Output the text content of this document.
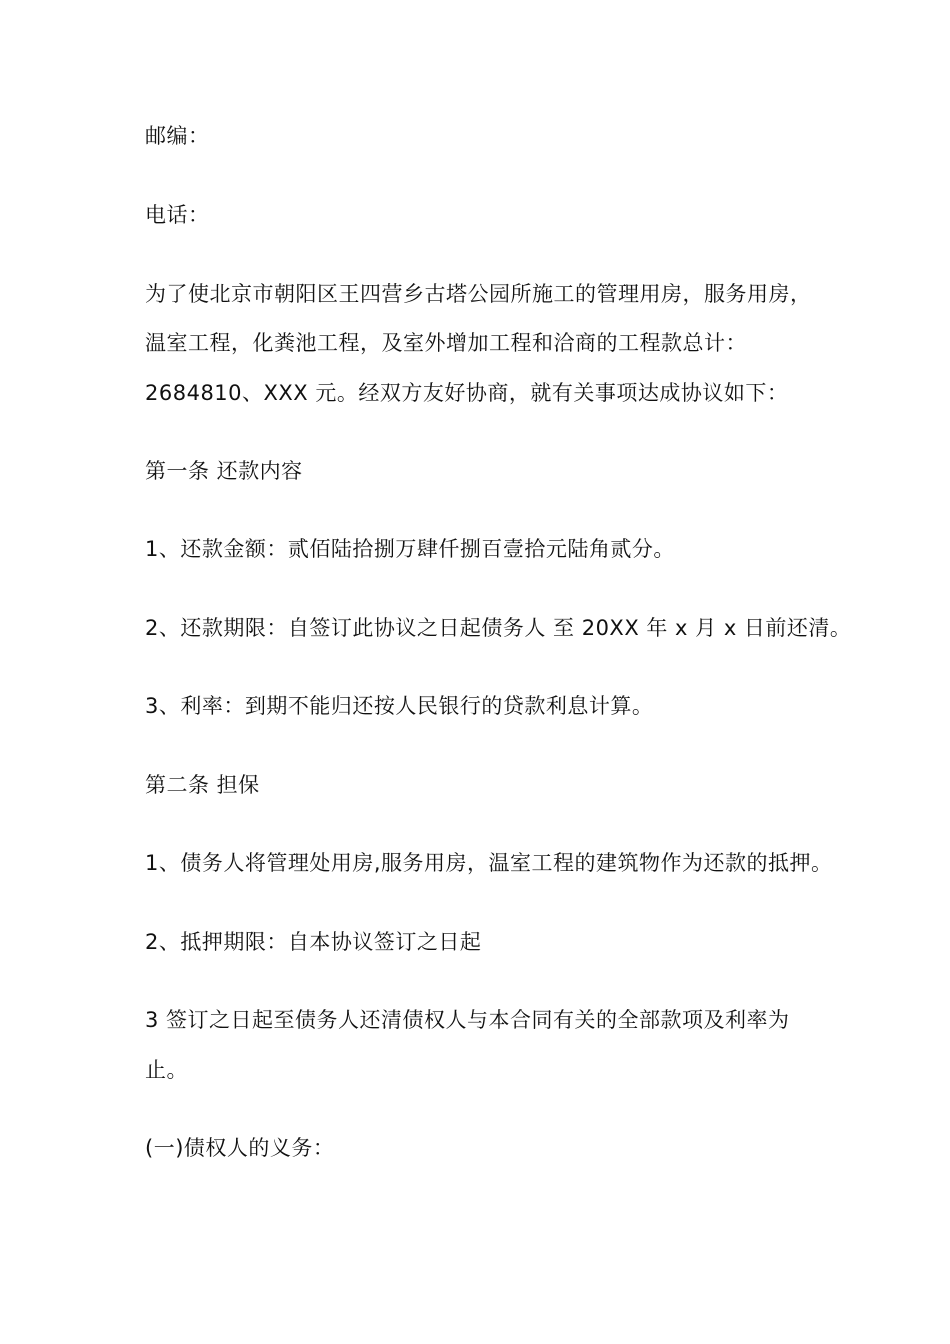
邮编：
电话：
为了使北京市朝阳区王四营乡古塔公园所施工的管理用房，服务用房，
温室工程，化粪池工程，及室外增加工程和洽商的工程款总计：
2684810、XXX 元。经双方友好协商，就有关事项达成协议如下：
第一条 还款内容
1、还款金额：贰佰陆拾捌万肆仟捌百壹拾元陆角贰分。
2、还款期限：自签订此协议之日起债务人 至 20XX 年 x 月 x 日前还清。
3、利率：到期不能归还按人民银行的贷款利息计算。
第二条 担保
1、债务人将管理处用房,服务用房，温室工程的建筑物作为还款的抵押。
2、抵押期限：自本协议签订之日起
3 签订之日起至债务人还清债权人与本合同有关的全部款项及利率为
止。
(一)债权人的义务：
